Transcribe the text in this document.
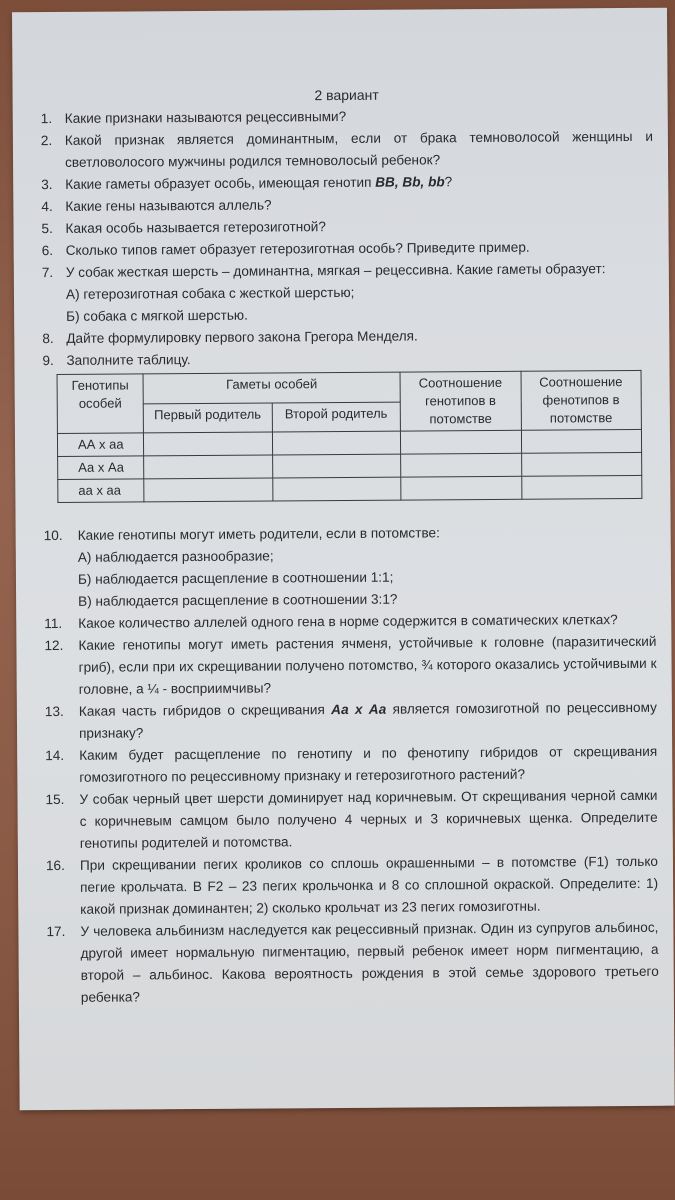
2 вариант
1. Какие признаки называются рецессивными?
2. Какой признак является доминантным, если от брака темноволосой женщины и светловолосого мужчины родился темноволосый ребенок?
3. Какие гаметы образует особь, имеющая генотип BB, Bb, bb?
4. Какие гены называются аллель?
5. Какая особь называется гетерозиготной?
6. Сколько типов гамет образует гетерозиготная особь? Приведите пример.
7. У собак жесткая шерсть – доминантна, мягкая – рецессивна. Какие гаметы образует:
А) гетерозиготная собака с жесткой шерстью;
Б) собака с мягкой шерстью.
8. Дайте формулировку первого закона Грегора Менделя.
9. Заполните таблицу.
Генотипы особей	Гаметы особей		Соотношение генотипов в потомстве	Соотношение фенотипов в потомстве
	Первый родитель	Второй родитель		
АА х аа				
Аа х Аа				
аа х аа				
10. Какие генотипы могут иметь родители, если в потомстве:
А) наблюдается разнообразие;
Б) наблюдается расщепление в соотношении 1:1;
В) наблюдается расщепление в соотношении 3:1?
11. Какое количество аллелей одного гена в норме содержится в соматических клетках?
12. Какие генотипы могут иметь растения ячменя, устойчивые к головне (паразитический гриб), если при их скрещивании получено потомство, ¾ которого оказались устойчивыми к головне, а ¼ - восприимчивы?
13. Какая часть гибридов о скрещивания Аа х Аа является гомозиготной по рецессивному признаку?
14. Каким будет расщепление по генотипу и по фенотипу гибридов от скрещивания гомозиготного по рецессивному признаку и гетерозиготного растений?
15. У собак черный цвет шерсти доминирует над коричневым. От скрещивания черной самки с коричневым самцом было получено 4 черных и 3 коричневых щенка. Определите генотипы родителей и потомства.
16. При скрещивании пегих кроликов со сплошь окрашенными – в потомстве (F1) только пегие крольчата. В F2 – 23 пегих крольчонка и 8 со сплошной окраской. Определите: 1) какой признак доминантен; 2) сколько крольчат из 23 пегих гомозиготны.
17. У человека альбинизм наследуется как рецессивный признак. Один из супругов альбинос, другой имеет нормальную пигментацию, первый ребенок имеет норм пигментацию, а второй – альбинос. Какова вероятность рождения в этой семье здорового третьего ребенка?
